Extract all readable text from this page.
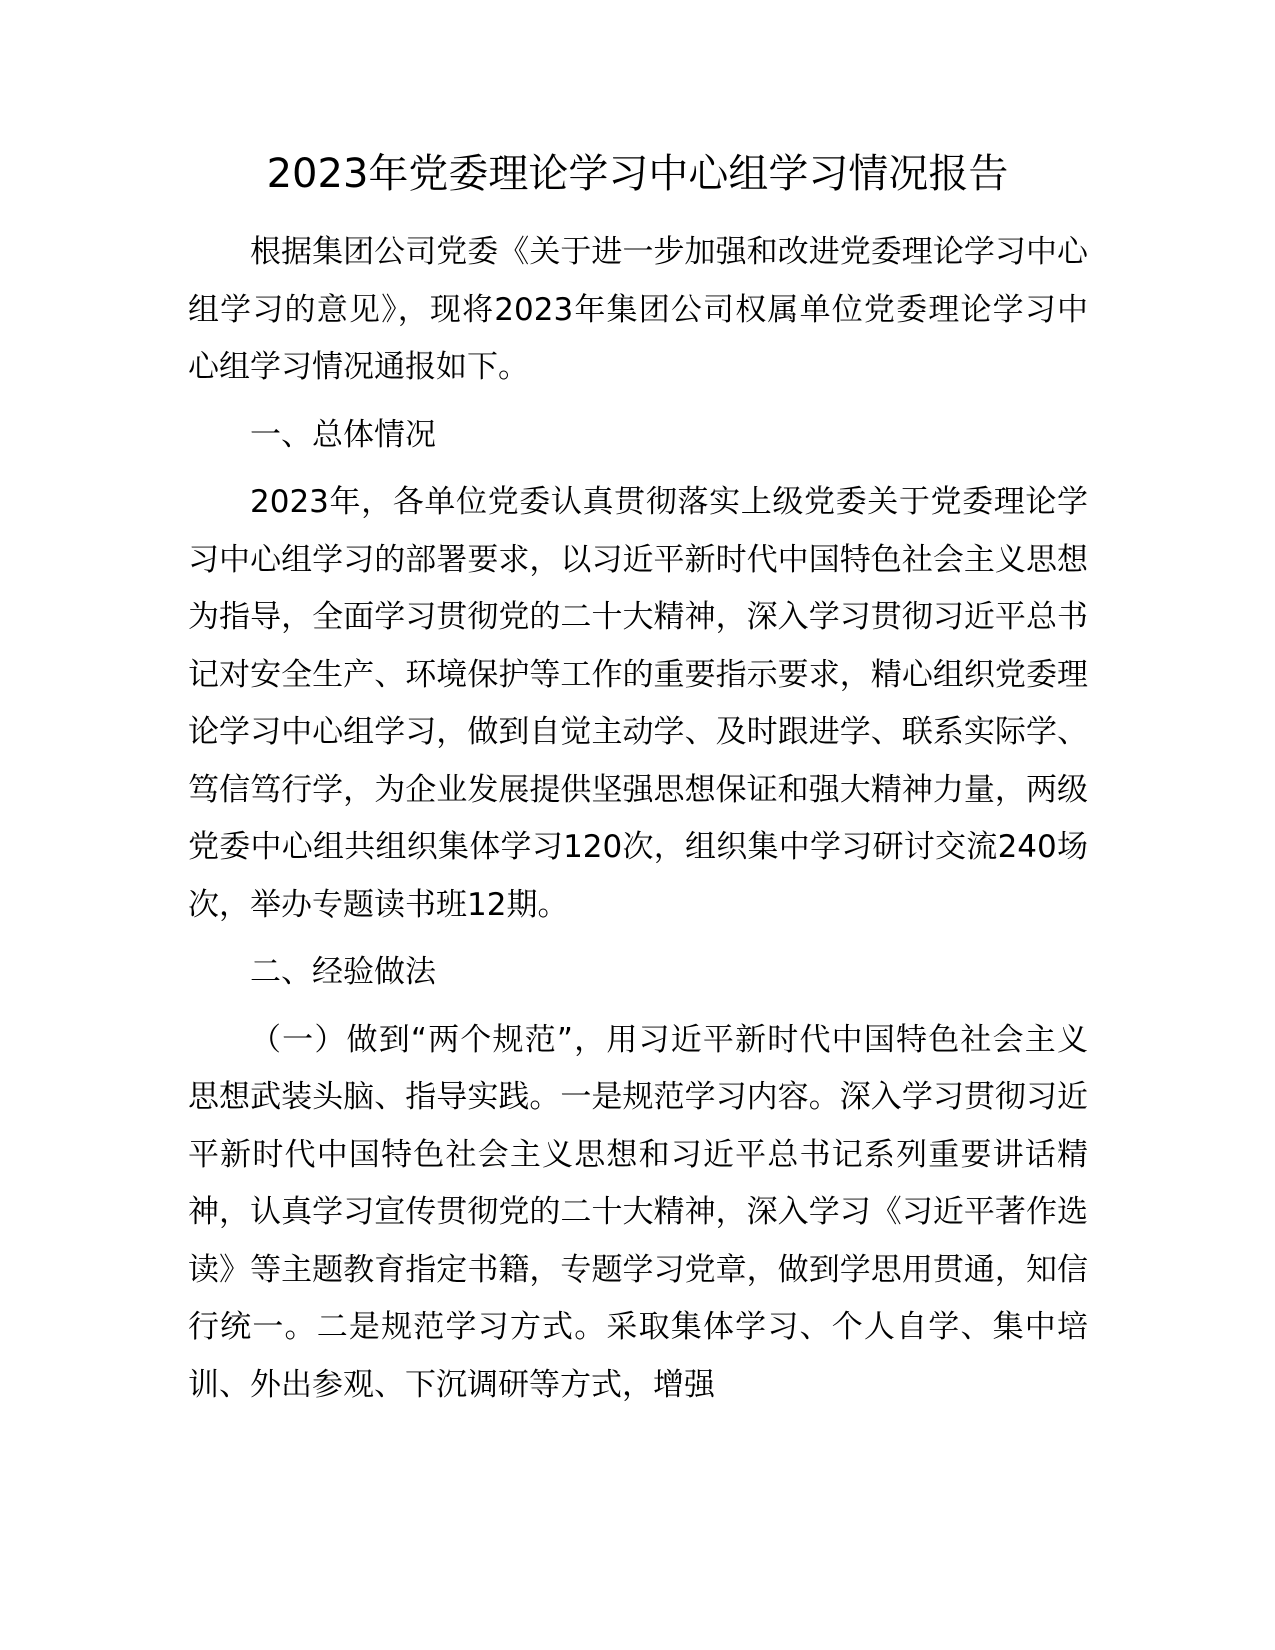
2023年党委理论学习中心组学习情况报告

根据集团公司党委《关于进一步加强和改进党委理论学习中心组学习的意见》，现将2023年集团公司权属单位党委理论学习中心组学习情况通报如下。

一、总体情况

2023年，各单位党委认真贯彻落实上级党委关于党委理论学习中心组学习的部署要求，以习近平新时代中国特色社会主义思想为指导，全面学习贯彻党的二十大精神，深入学习贯彻习近平总书记对安全生产、环境保护等工作的重要指示要求，精心组织党委理论学习中心组学习，做到自觉主动学、及时跟进学、联系实际学、笃信笃行学，为企业发展提供坚强思想保证和强大精神力量，两级党委中心组共组织集体学习120次，组织集中学习研讨交流240场次，举办专题读书班12期。

二、经验做法

（一）做到“两个规范”，用习近平新时代中国特色社会主义思想武装头脑、指导实践。一是规范学习内容。深入学习贯彻习近平新时代中国特色社会主义思想和习近平总书记系列重要讲话精神，认真学习宣传贯彻党的二十大精神，深入学习《习近平著作选读》等主题教育指定书籍，专题学习党章，做到学思用贯通，知信行统一。二是规范学习方式。采取集体学习、个人自学、集中培训、外出参观、下沉调研等方式，增强
